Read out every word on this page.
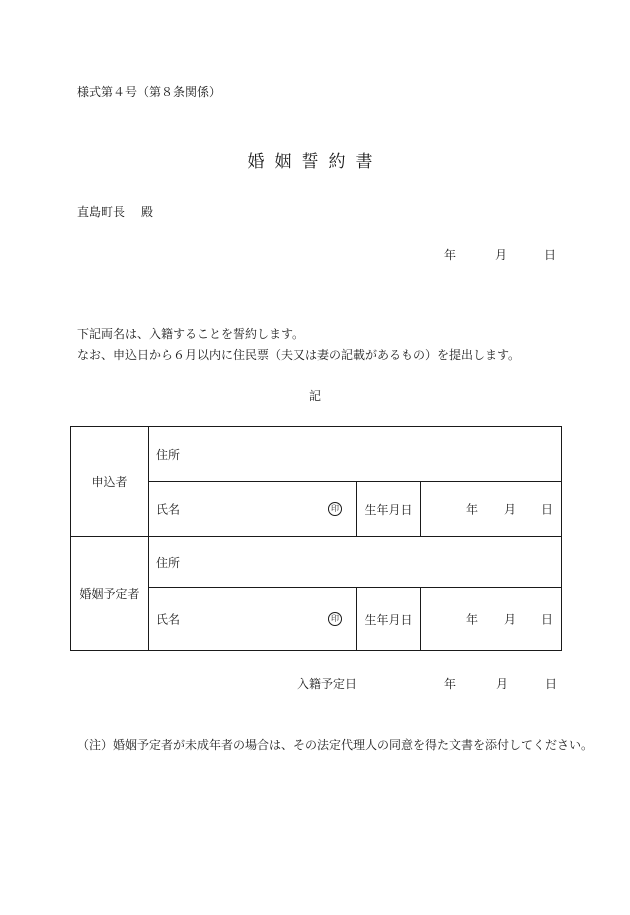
様式第４号（第８条関係）
婚姻誓約書
直島町長 殿
年	月	日
下記両名は、入籍することを誓約します。
なお、申込日から６月以内に住民票（夫又は妻の記載があるもの）を提出します。
記
申込者	住所		

	氏名 印	生年月日	年 月 日

婚姻予定者	住所		

	氏名 印	生年月日	年 月 日
入籍予定日	年	月	日
（注）婚姻予定者が未成年者の場合は、その法定代理人の同意を得た文書を添付してください。
